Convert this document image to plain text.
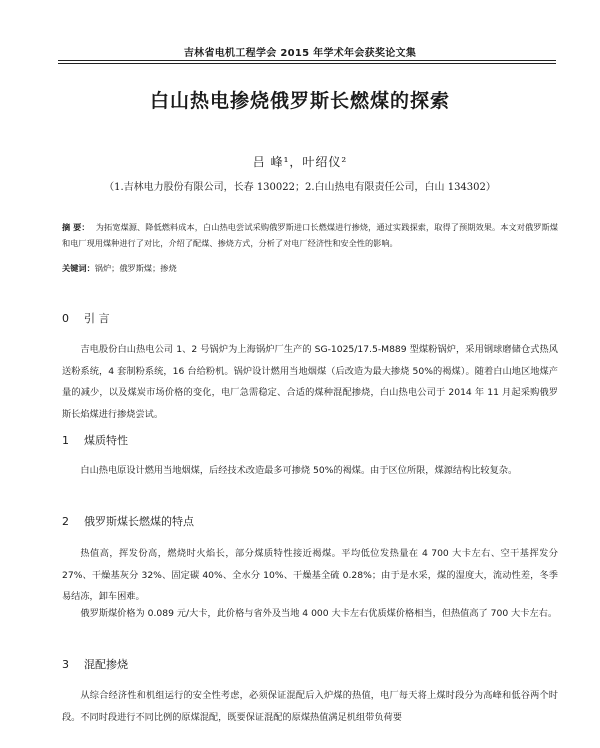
吉林省电机工程学会 2015 年学术年会获奖论文集
白山热电掺烧俄罗斯长燃煤的探索
吕 峰¹，叶绍仪²
（1.吉林电力股份有限公司，长春 130022；2.白山热电有限责任公司，白山 134302）
摘 要： 为拓宽煤源、降低燃料成本，白山热电尝试采购俄罗斯进口长燃煤进行掺烧，通过实践探索，取得了预期效果。本文对俄罗斯煤和电厂现用煤种进行了对比，介绍了配煤、掺烧方式，分析了对电厂经济性和安全性的影响。
关键词：锅炉；俄罗斯煤；掺烧
0 引 言
吉电股份白山热电公司 1、2 号锅炉为上海锅炉厂生产的 SG-1025/17.5-M889 型煤粉锅炉，采用钢球磨储仓式热风送粉系统，4 套制粉系统，16 台给粉机。锅炉设计燃用当地烟煤（后改造为最大掺烧 50%的褐煤）。随着白山地区地煤产量的减少，以及煤炭市场价格的变化，电厂急需稳定、合适的煤种混配掺烧，白山热电公司于 2014 年 11 月起采购俄罗斯长焰煤进行掺烧尝试。
1 煤质特性
白山热电原设计燃用当地烟煤，后经技术改造最多可掺烧 50%的褐煤。由于区位所限，煤源结构比较复杂。
2 俄罗斯煤长燃煤的特点
热值高，挥发份高，燃烧时火焰长，部分煤质特性接近褐煤。平均低位发热量在 4 700 大卡左右、空干基挥发分 27%、干燥基灰分 32%、固定碳 40%、全水分 10%、干燥基全硫 0.28%；由于是水采，煤的湿度大，流动性差，冬季易结冻，卸车困难。
俄罗斯煤价格为 0.089 元/大卡，此价格与省外及当地 4 000 大卡左右优质煤价格相当，但热值高了 700 大卡左右。
3 混配掺烧
从综合经济性和机组运行的安全性考虑，必须保证混配后入炉煤的热值，电厂每天将上煤时段分为高峰和低谷两个时段。不同时段进行不同比例的原煤混配，既要保证混配的原煤热值满足机组带负荷要
